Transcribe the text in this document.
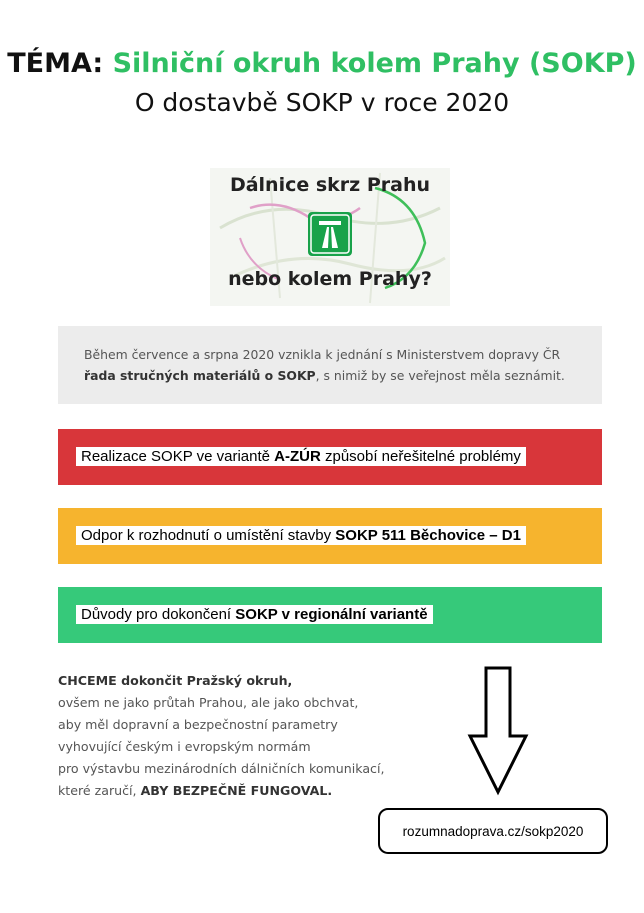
TÉMA: Silniční okruh kolem Prahy (SOKP)
O dostavbě SOKP v roce 2020
Dálnice skrz Prahu
nebo kolem Prahy?

Během července a srpna 2020 vznikla k jednání s Ministerstvem dopravy ČR
řada stručných materiálů o SOKP, s nimiž by se veřejnost měla seznámit.

Realizace SOKP ve variantě A-ZÚR způsobí neřešitelné problémy
Odpor k rozhodnutí o umístění stavby SOKP 511 Běchovice – D1
Důvody pro dokončení SOKP v regionální variantě
CHCEME dokončit Pražský okruh,
ovšem ne jako průtah Prahou, ale jako obchvat,
aby měl dopravní a bezpečnostní parametry
vyhovující českým i evropským normám
pro výstavbu mezinárodních dálničních komunikací,
které zaručí, ABY BEZPEČNĚ FUNGOVAL.
rozumnadoprava.cz/sokp2020
